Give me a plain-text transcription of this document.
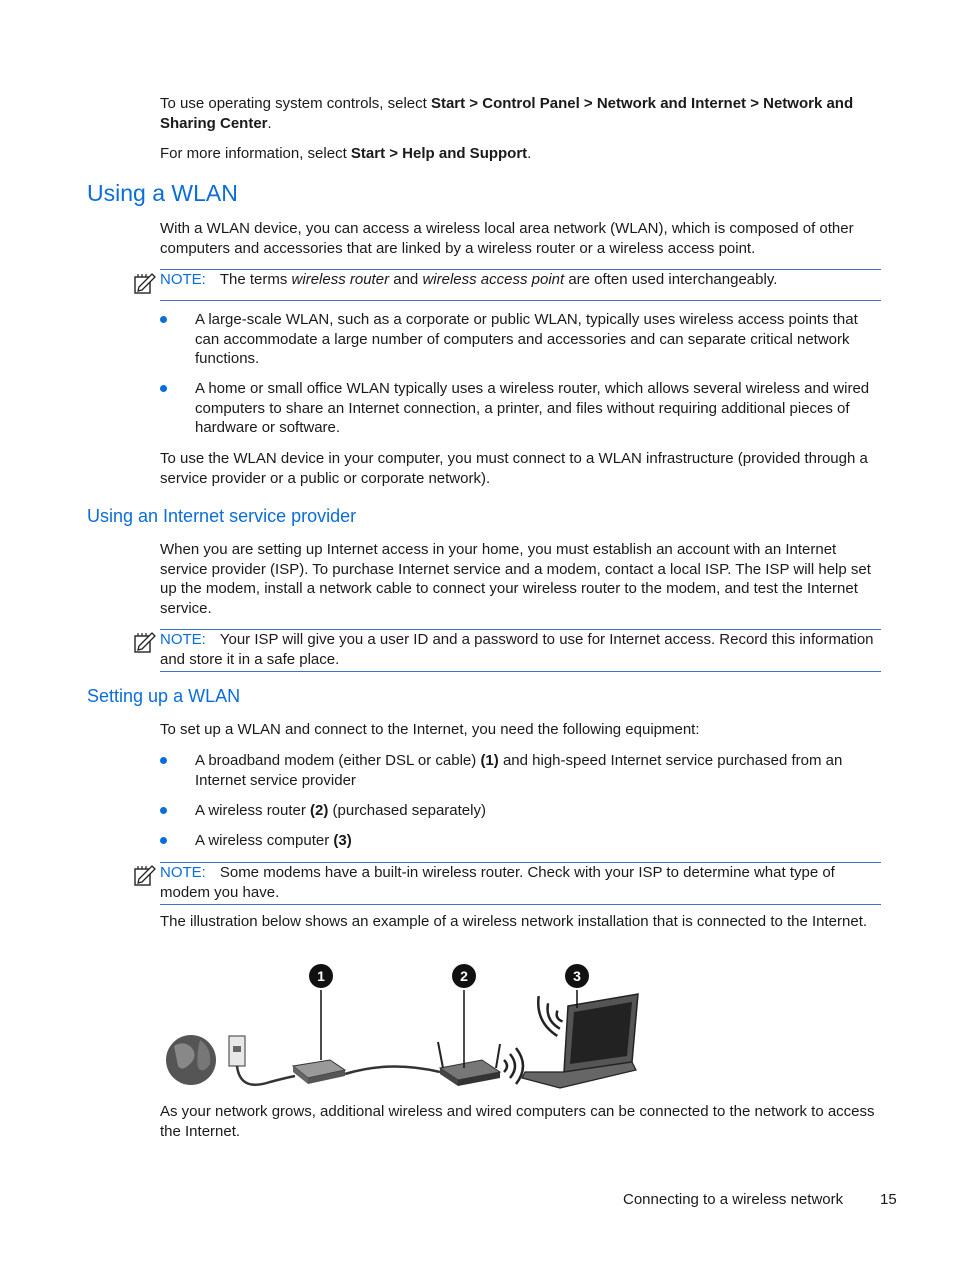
To use operating system controls, select Start > Control Panel > Network and Internet > Network and Sharing Center.
For more information, select Start > Help and Support.
Using a WLAN
With a WLAN device, you can access a wireless local area network (WLAN), which is composed of other computers and accessories that are linked by a wireless router or a wireless access point.
NOTE: The terms wireless router and wireless access point are often used interchangeably.
A large-scale WLAN, such as a corporate or public WLAN, typically uses wireless access points that can accommodate a large number of computers and accessories and can separate critical network functions.
A home or small office WLAN typically uses a wireless router, which allows several wireless and wired computers to share an Internet connection, a printer, and files without requiring additional pieces of hardware or software.
To use the WLAN device in your computer, you must connect to a WLAN infrastructure (provided through a service provider or a public or corporate network).
Using an Internet service provider
When you are setting up Internet access in your home, you must establish an account with an Internet service provider (ISP). To purchase Internet service and a modem, contact a local ISP. The ISP will help set up the modem, install a network cable to connect your wireless router to the modem, and test the Internet service.
NOTE: Your ISP will give you a user ID and a password to use for Internet access. Record this information and store it in a safe place.
Setting up a WLAN
To set up a WLAN and connect to the Internet, you need the following equipment:
A broadband modem (either DSL or cable) (1) and high-speed Internet service purchased from an Internet service provider
A wireless router (2) (purchased separately)
A wireless computer (3)
NOTE: Some modems have a built-in wireless router. Check with your ISP to determine what type of modem you have.
The illustration below shows an example of a wireless network installation that is connected to the Internet.
1	2	3
As your network grows, additional wireless and wired computers can be connected to the network to access the Internet.
Connecting to a wireless network 15
